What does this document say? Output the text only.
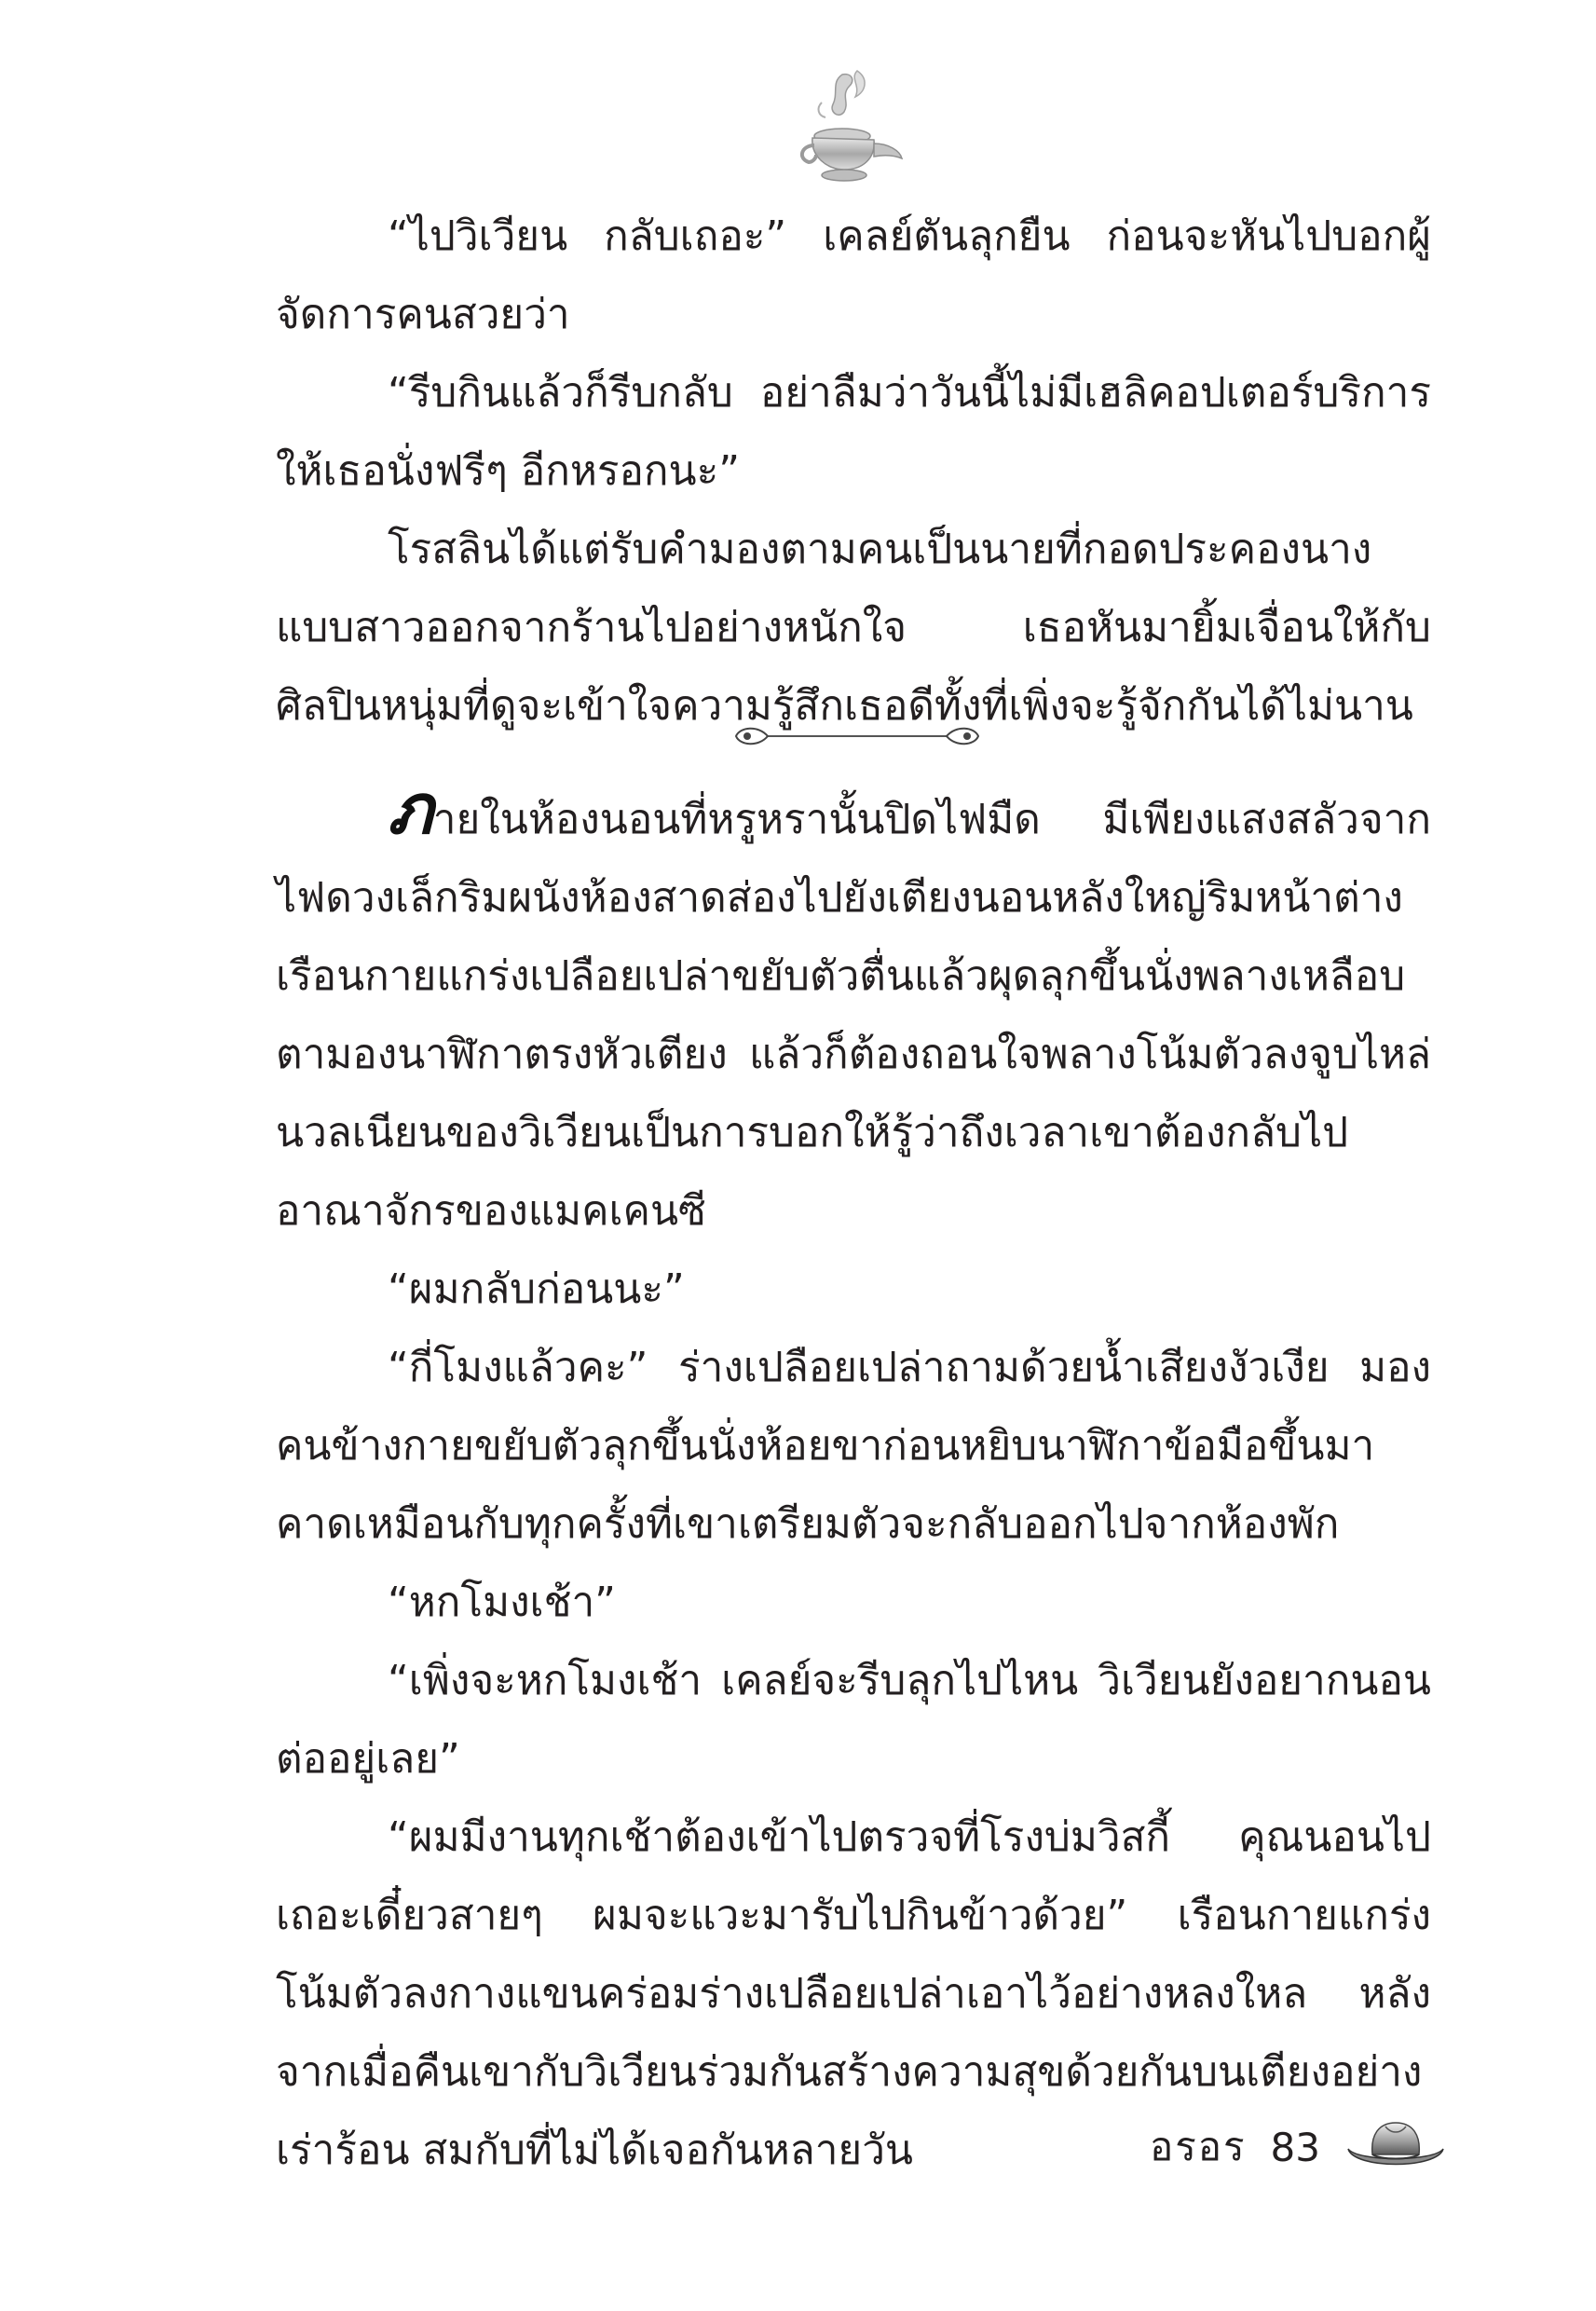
“ไปวิเวียน กลับเถอะ” เคลย์ตันลุกยืน ก่อนจะหันไปบอกผู้จัดการคนสวยว่า

“รีบกินแล้วก็รีบกลับ อย่าลืมว่าวันนี้ไม่มีเฮลิคอปเตอร์บริการให้เธอนั่งฟรีๆ อีกหรอกนะ”

โรสลินได้แต่รับคำมองตามคนเป็นนายที่กอดประคองนางแบบสาวออกจากร้านไปอย่างหนักใจ เธอหันมายิ้มเจื่อนให้กับศิลปินหนุ่มที่ดูจะเข้าใจความรู้สึกเธอดีทั้งที่เพิ่งจะรู้จักกันได้ไม่นาน

ภายในห้องนอนที่หรูหรานั้นปิดไฟมืด มีเพียงแสงสลัวจากไฟดวงเล็กริมผนังห้องสาดส่องไปยังเตียงนอนหลังใหญ่ริมหน้าต่าง เรือนกายแกร่งเปลือยเปล่าขยับตัวตื่นแล้วผุดลุกขึ้นนั่งพลางเหลือบตามองนาฬิกาตรงหัวเตียง แล้วก็ต้องถอนใจพลางโน้มตัวลงจูบไหล่นวลเนียนของวิเวียนเป็นการบอกให้รู้ว่าถึงเวลาเขาต้องกลับไปอาณาจักรของแมคเคนซี

“ผมกลับก่อนนะ”

“กี่โมงแล้วคะ” ร่างเปลือยเปล่าถามด้วยน้ำเสียงงัวเงีย มองคนข้างกายขยับตัวลุกขึ้นนั่งห้อยขาก่อนหยิบนาฬิกาข้อมือขึ้นมาคาดเหมือนกับทุกครั้งที่เขาเตรียมตัวจะกลับออกไปจากห้องพัก

“หกโมงเช้า”

“เพิ่งจะหกโมงเช้า เคลย์จะรีบลุกไปไหน วิเวียนยังอยากนอนต่ออยู่เลย”

“ผมมีงานทุกเช้าต้องเข้าไปตรวจที่โรงบ่มวิสกี้ คุณนอนไปเถอะเดี๋ยวสายๆ ผมจะแวะมารับไปกินข้าวด้วย” เรือนกายแกร่งโน้มตัวลงกางแขนคร่อมร่างเปลือยเปล่าเอาไว้อย่างหลงใหล หลังจากเมื่อคืนเขากับวิเวียนร่วมกันสร้างความสุขด้วยกันบนเตียงอย่างเร่าร้อน สมกับที่ไม่ได้เจอกันหลายวัน	อรอร 83
